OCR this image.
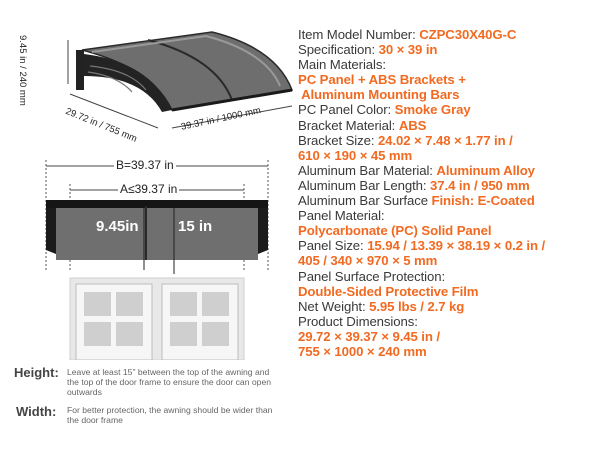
9.45 in / 240 mm
29.72 in / 755 mm	39.37 in / 1000 mm
B=39.37 in
A≤39.37 in
9.45in	15 in
Height: Leave at least 15" between the top of the awning and the top of the door frame to ensure the door can open outwards
Width: For better protection, the awning should be wider than the door frame
Item Model Number: CZPC30X40G-C
Specification: 30 × 39 in
Main Materials:
PC Panel + ABS Brackets +
Aluminum Mounting Bars
PC Panel Color: Smoke Gray
Bracket Material: ABS
Bracket Size: 24.02 × 7.48 × 1.77 in /
610 × 190 × 45 mm
Aluminum Bar Material: Aluminum Alloy
Aluminum Bar Length: 37.4 in / 950 mm
Aluminum Bar Surface Finish: E-Coated
Panel Material:
Polycarbonate (PC) Solid Panel
Panel Size: 15.94 / 13.39 × 38.19 × 0.2 in /
405 / 340 × 970 × 5 mm
Panel Surface Protection:
Double-Sided Protective Film
Net Weight: 5.95 lbs / 2.7 kg
Product Dimensions:
29.72 × 39.37 × 9.45 in /
755 × 1000 × 240 mm
